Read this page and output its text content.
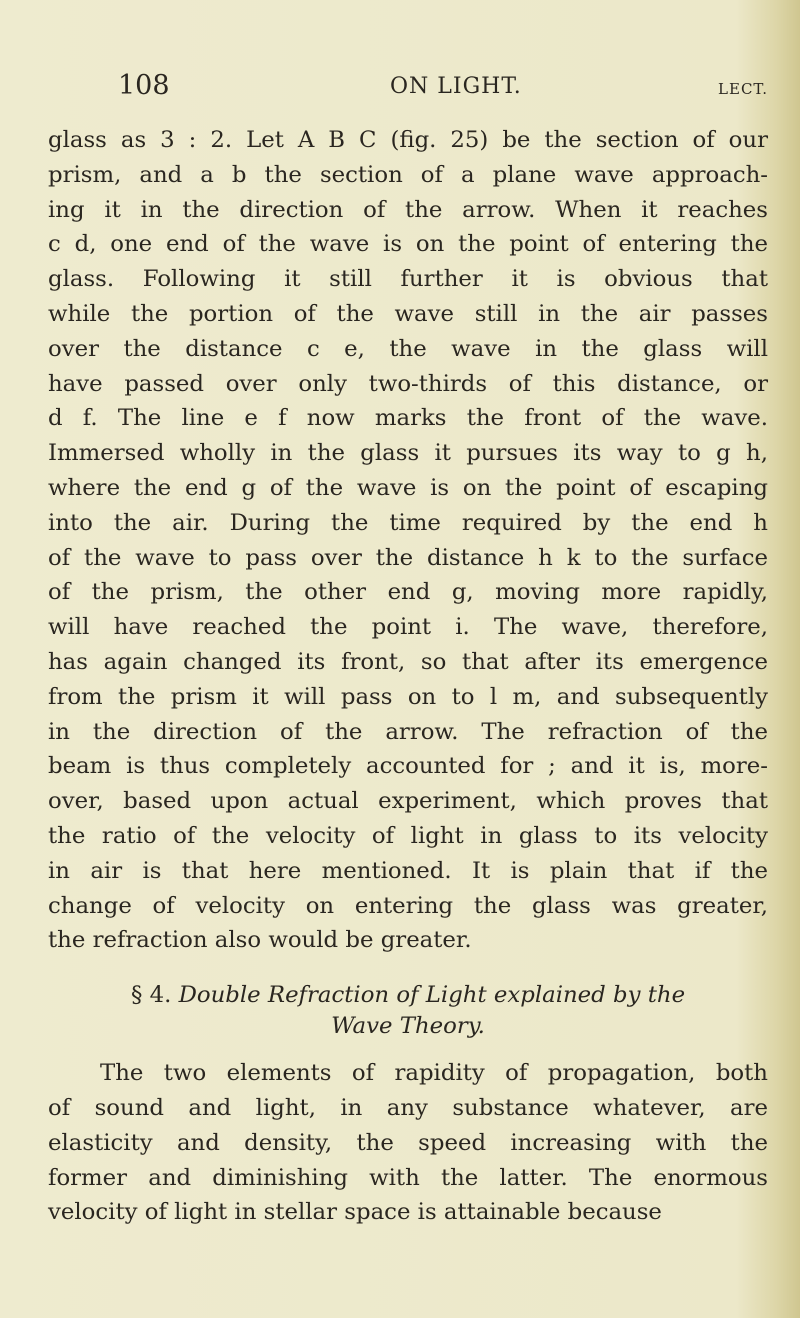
108	ON LIGHT.	LECT.
glass as 3 : 2. Let A B C (fig. 25) be the section of our
prism, and a b the section of a plane wave approach-
ing it in the direction of the arrow. When it reaches
c d, one end of the wave is on the point of entering the
glass. Following it still further it is obvious that
while the portion of the wave still in the air passes
over the distance c e, the wave in the glass will
have passed over only two-thirds of this distance, or
d f. The line e f now marks the front of the wave.
Immersed wholly in the glass it pursues its way to g h,
where the end g of the wave is on the point of escaping
into the air. During the time required by the end h
of the wave to pass over the distance h k to the surface
of the prism, the other end g, moving more rapidly,
will have reached the point i. The wave, therefore,
has again changed its front, so that after its emergence
from the prism it will pass on to l m, and subsequently
in the direction of the arrow. The refraction of the
beam is thus completely accounted for ; and it is, more-
over, based upon actual experiment, which proves that
the ratio of the velocity of light in glass to its velocity
in air is that here mentioned. It is plain that if the
change of velocity on entering the glass was greater,
the refraction also would be greater.
§ 4. Double Refraction of Light explained by the
Wave Theory.
The two elements of rapidity of propagation, both
of sound and light, in any substance whatever, are
elasticity and density, the speed increasing with the
former and diminishing with the latter. The enormous
velocity of light in stellar space is attainable because
